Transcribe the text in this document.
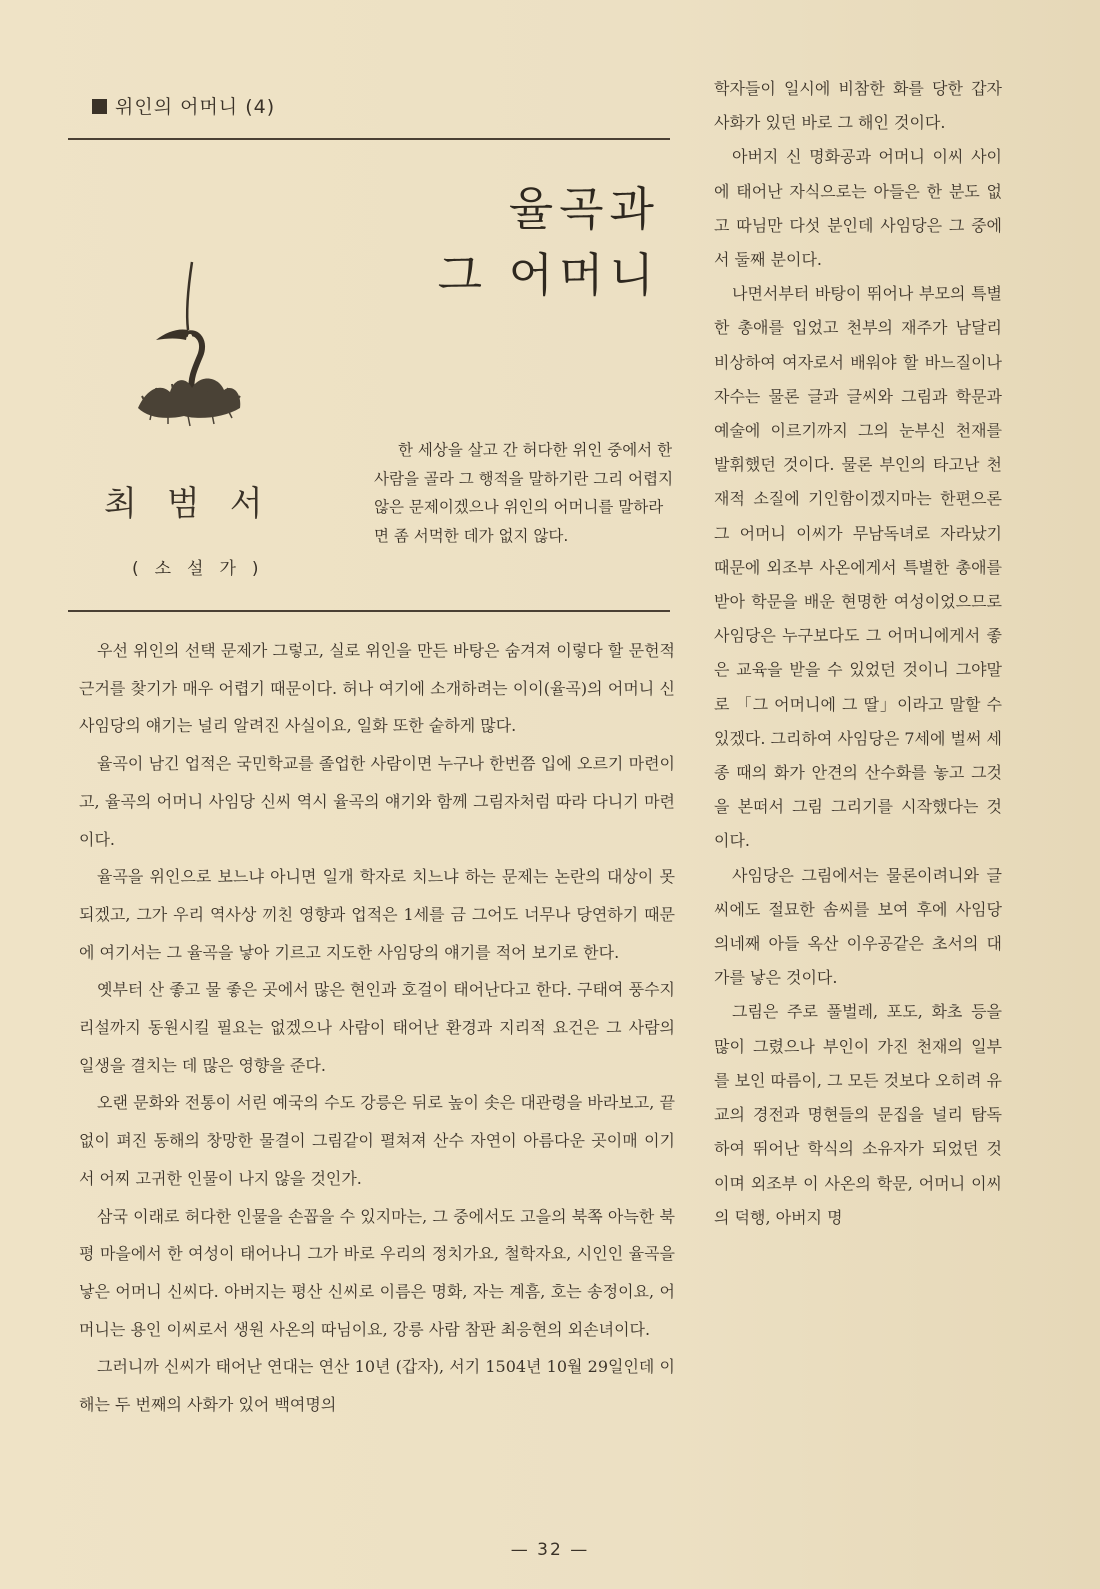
위인의 어머니 (4)
율곡과
그 어머니
최범서
(소설가)

한 세상을 살고 간 허다한 위인 중에서 한 사람을 골라 그 행적을 말하기란 그리 어렵지 않은 문제이겠으나 위인의 어머니를 말하라면 좀 서먹한 데가 없지 않다.

우선 위인의 선택 문제가 그렇고, 실로 위인을 만든 바탕은 숨겨져 이렇다 할 문헌적 근거를 찾기가 매우 어렵기 때문이다. 허나 여기에 소개하려는 이이(율곡)의 어머니 신 사임당의 얘기는 널리 알려진 사실이요, 일화 또한 숱하게 많다.

율곡이 남긴 업적은 국민학교를 졸업한 사람이면 누구나 한번쯤 입에 오르기 마련이고, 율곡의 어머니 사임당 신씨 역시 율곡의 얘기와 함께 그림자처럼 따라 다니기 마련이다.

율곡을 위인으로 보느냐 아니면 일개 학자로 치느냐 하는 문제는 논란의 대상이 못되겠고, 그가 우리 역사상 끼친 영향과 업적은 1세를 금 그어도 너무나 당연하기 때문에 여기서는 그 율곡을 낳아 기르고 지도한 사임당의 얘기를 적어 보기로 한다.

옛부터 산 좋고 물 좋은 곳에서 많은 현인과 호걸이 태어난다고 한다. 구태여 풍수지리설까지 동원시킬 필요는 없겠으나 사람이 태어난 환경과 지리적 요건은 그 사람의 일생을 결치는 데 많은 영향을 준다.

오랜 문화와 전통이 서린 예국의 수도 강릉은 뒤로 높이 솟은 대관령을 바라보고, 끝없이 펴진 동해의 창망한 물결이 그림같이 펼쳐져 산수 자연이 아름다운 곳이매 이기서 어찌 고귀한 인물이 나지 않을 것인가.

삼국 이래로 허다한 인물을 손꼽을 수 있지마는, 그 중에서도 고을의 북쪽 아늑한 북평 마을에서 한 여성이 태어나니 그가 바로 우리의 정치가요, 철학자요, 시인인 율곡을 낳은 어머니 신씨다. 아버지는 평산 신씨로 이름은 명화, 자는 계흠, 호는 송정이요, 어머니는 용인 이씨로서 생원 사온의 따님이요, 강릉 사람 참판 최응현의 외손녀이다.

그러니까 신씨가 태어난 연대는 연산 10년 (갑자), 서기 1504년 10월 29일인데 이 해는 두 번째의 사화가 있어 백여명의

학자들이 일시에 비참한 화를 당한 갑자사화가 있던 바로 그 해인 것이다.

아버지 신 명화공과 어머니 이씨 사이에 태어난 자식으로는 아들은 한 분도 없고 따님만 다섯 분인데 사임당은 그 중에서 둘째 분이다.

나면서부터 바탕이 뛰어나 부모의 특별한 총애를 입었고 천부의 재주가 남달리 비상하여 여자로서 배워야 할 바느질이나 자수는 물론 글과 글씨와 그림과 학문과 예술에 이르기까지 그의 눈부신 천재를 발휘했던 것이다. 물론 부인의 타고난 천재적 소질에 기인함이겠지마는 한편으론 그 어머니 이씨가 무남독녀로 자라났기 때문에 외조부 사온에게서 특별한 총애를 받아 학문을 배운 현명한 여성이었으므로 사임당은 누구보다도 그 어머니에게서 좋은 교육을 받을 수 있었던 것이니 그야말로 「그 어머니에 그 딸」이라고 말할 수 있겠다. 그리하여 사임당은 7세에 벌써 세종 때의 화가 안견의 산수화를 놓고 그것을 본떠서 그림 그리기를 시작했다는 것이다.

사임당은 그림에서는 물론이려니와 글씨에도 절묘한 솜씨를 보여 후에 사임당의네째 아들 옥산 이우공같은 초서의 대가를 낳은 것이다.

그림은 주로 풀벌레, 포도, 화초 등을 많이 그렸으나 부인이 가진 천재의 일부를 보인 따름이, 그 모든 것보다 오히려 유교의 경전과 명현들의 문집을 널리 탐독하여 뛰어난 학식의 소유자가 되었던 것이며 외조부 이 사온의 학문, 어머니 이씨의 덕행, 아버지 명

— 32 —
